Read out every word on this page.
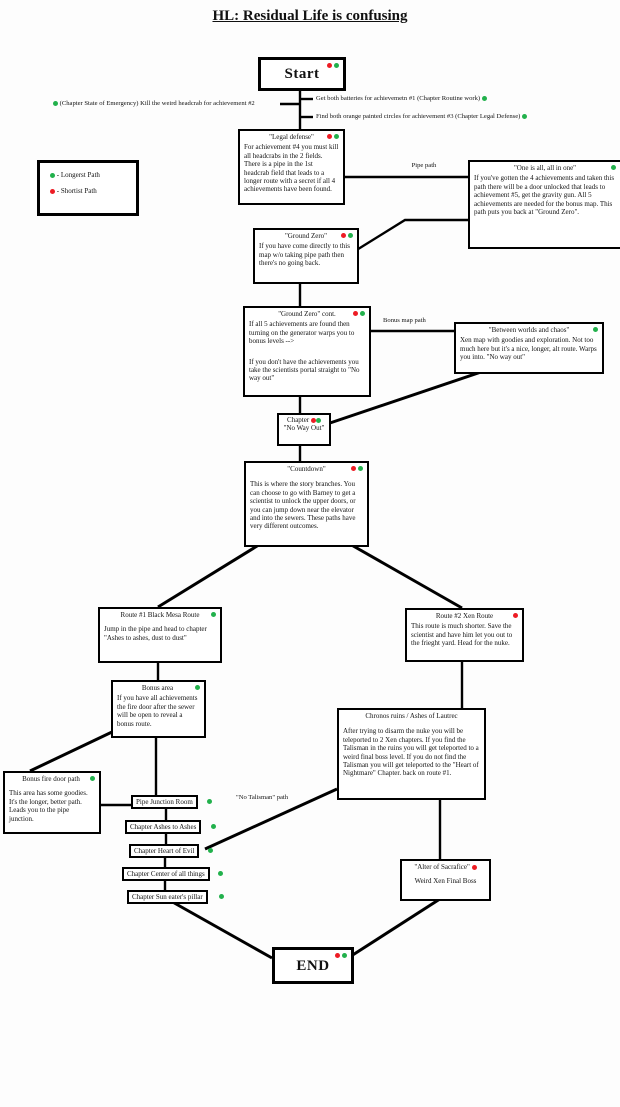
HL: Residual Life is confusing
Start
(Chapter State of Emergency) Kill the weird headcrab for achievement #2
Get both batteries for achievemetn #1 (Chapter Routine work)
Find both orange painted circles for achievement #3 (Chapter Legal Defense)
Pipe path
Bonus map path
"No Talisman" path
- Longerst Path
- Shortist Path
"Legal defense"
For achievement #4 you must kill all headcrabs in the 2 fields. There is a pipe in the 1st headcrab field that leads to a longer route with a secret if all 4 achievements have been found.
"One is all, all in one"
If you've gotten the 4 achievements and taken this path there will be a door unlocked that leads to achievement #5, get the gravity gun. All 5 achievements are needed for the bonus map. This path puts you back at "Ground Zero".
"Ground Zero"
If you have come directly to this map w/o taking pipe path then there's no going back.
"Ground Zero" cont.
If all 5 achievements are found then turning on the generator warps you to bonus levels -->
If you don't have the achievements you take the scientists portal straight to "No way out"
"Between worlds and chaos"
Xen map with goodies and exploration. Not too much here but it's a nice, longer, alt route. Warps you into. "No way out"
Chapter
"No Way Out"
"Countdown"
This is where the story branches. You can choose to go with Barney to get a scientist to unlock the upper doors, or you can jump down near the elevator and into the sewers. These paths have very different outcomes.
Route #1 Black Mesa Route
Jump in the pipe and head to chapter "Ashes to ashes, dust to dust"
Route #2 Xen Route
This route is much shorter. Save the scientist and have him let you out to the frieght yard. Head for the nuke.
Bonus area
If you have all achievements the fire door after the sewer will be open to reveal a bonus route.
Bonus fire door path
This area has some goodies. It's the longer, better path. Leads you to the pipe junction.
Chronos ruins / Ashes of Lautrec
After trying to disarm the nuke you will be teleported to 2 Xen chapters. If you find the Talisman in the ruins you will get teleported to a weird final boss level. If you do not find the Talisman you will get teleported to the "Heart of Nightmare" Chapter. back on route #1.
Pipe Junction Room
Chapter Ashes to Ashes
Chapter Heart of Evil
Chapter Center of all things
Chapter Sun eater's pillar
"Alter of Sacrafice"
Weird Xen Final Boss
END
